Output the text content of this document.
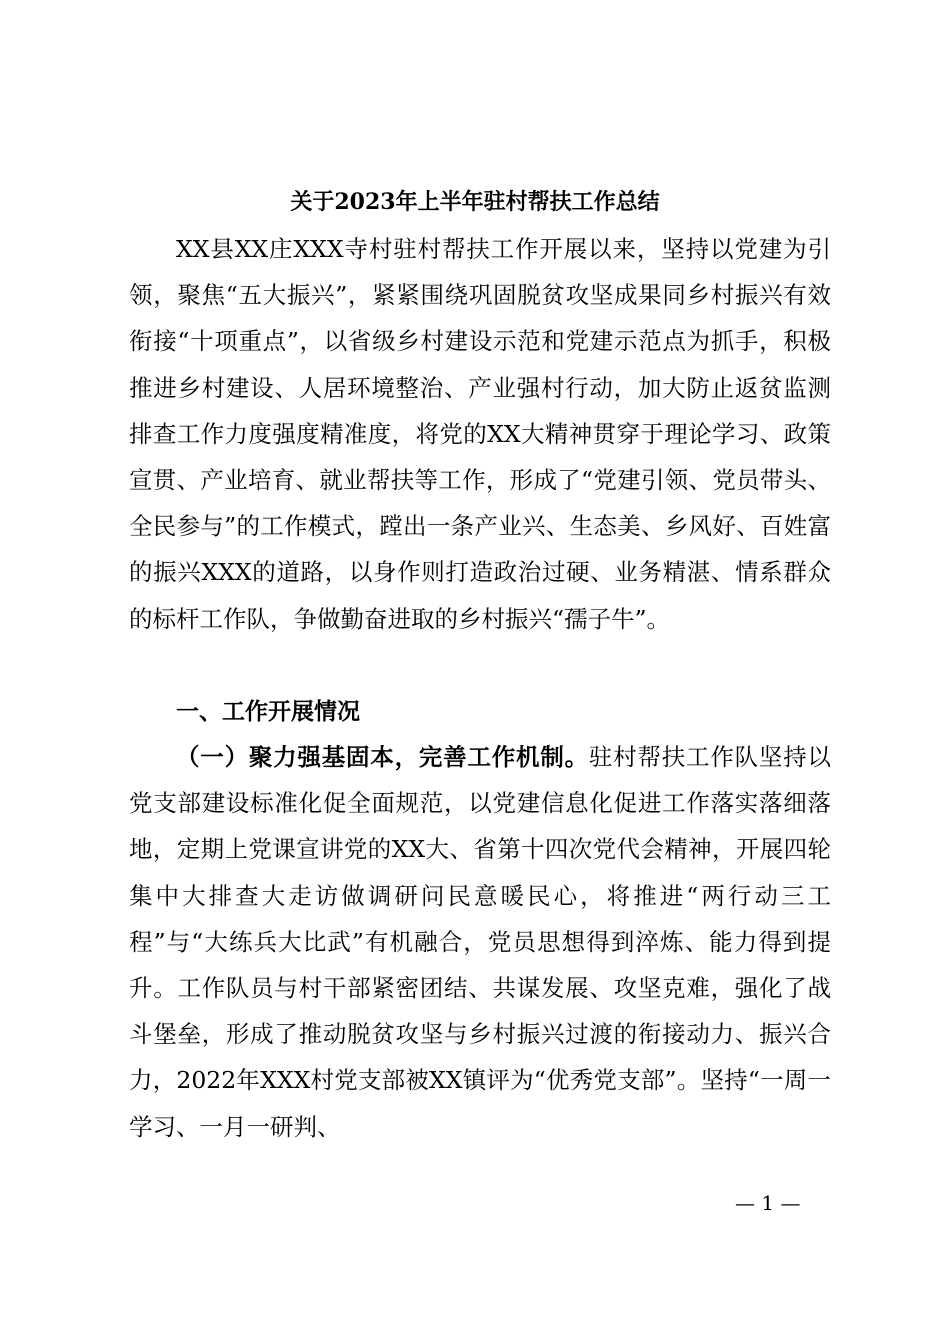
关于2023年上半年驻村帮扶工作总结

XX县XX庄XXX寺村驻村帮扶工作开展以来，坚持以党建为引领，聚焦“五大振兴”，紧紧围绕巩固脱贫攻坚成果同乡村振兴有效衔接“十项重点”，以省级乡村建设示范和党建示范点为抓手，积极推进乡村建设、人居环境整治、产业强村行动，加大防止返贫监测排查工作力度强度精准度，将党的XX大精神贯穿于理论学习、政策宣贯、产业培育、就业帮扶等工作，形成了“党建引领、党员带头、全民参与”的工作模式，蹚出一条产业兴、生态美、乡风好、百姓富的振兴XXX的道路，以身作则打造政治过硬、业务精湛、情系群众的标杆工作队，争做勤奋进取的乡村振兴“孺子牛”。

一、工作开展情况

（一）聚力强基固本，完善工作机制。驻村帮扶工作队坚持以党支部建设标准化促全面规范，以党建信息化促进工作落实落细落地，定期上党课宣讲党的XX大、省第十四次党代会精神，开展四轮集中大排查大走访做调研问民意暖民心，将推进“两行动三工程”与“大练兵大比武”有机融合，党员思想得到淬炼、能力得到提升。工作队员与村干部紧密团结、共谋发展、攻坚克难，强化了战斗堡垒，形成了推动脱贫攻坚与乡村振兴过渡的衔接动力、振兴合力，2022年XXX村党支部被XX镇评为“优秀党支部”。坚持“一周一学习、一月一研判、

— 1 —
